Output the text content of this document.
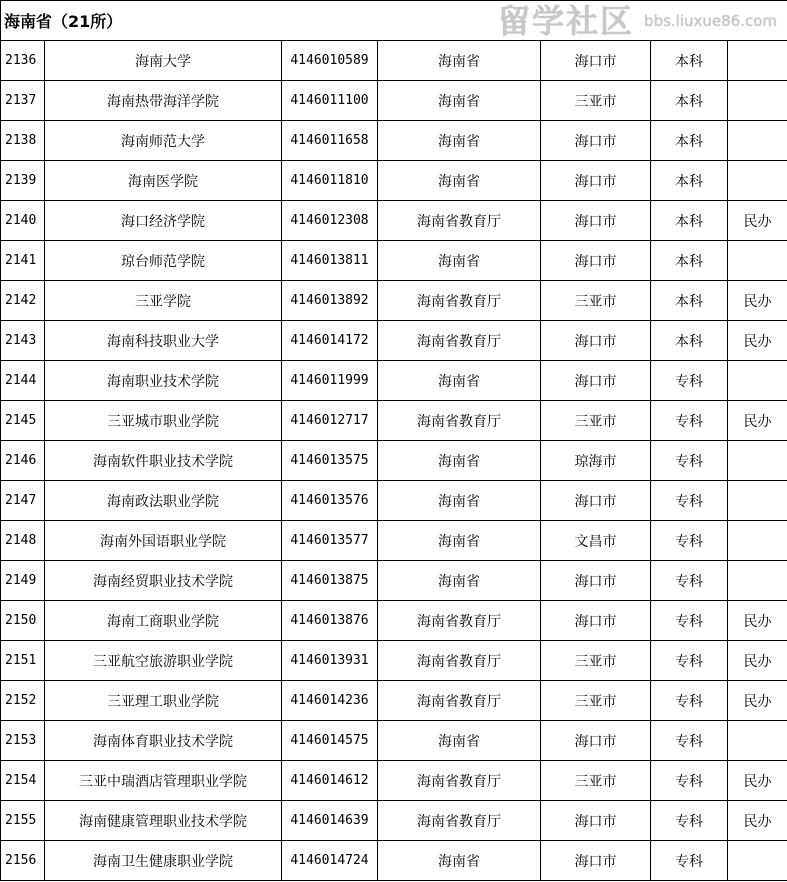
海南省（21所） 留学社区 bbs.liuxue86.com						

2136	海南大学	4146010589	海南省	海口市	本科	
2137	海南热带海洋学院	4146011100	海南省	三亚市	本科	
2138	海南师范大学	4146011658	海南省	海口市	本科	
2139	海南医学院	4146011810	海南省	海口市	本科	
2140	海口经济学院	4146012308	海南省教育厅	海口市	本科	民办
2141	琼台师范学院	4146013811	海南省	海口市	本科	
2142	三亚学院	4146013892	海南省教育厅	三亚市	本科	民办
2143	海南科技职业大学	4146014172	海南省教育厅	海口市	本科	民办
2144	海南职业技术学院	4146011999	海南省	海口市	专科	
2145	三亚城市职业学院	4146012717	海南省教育厅	三亚市	专科	民办
2146	海南软件职业技术学院	4146013575	海南省	琼海市	专科	
2147	海南政法职业学院	4146013576	海南省	海口市	专科	
2148	海南外国语职业学院	4146013577	海南省	文昌市	专科	
2149	海南经贸职业技术学院	4146013875	海南省	海口市	专科	
2150	海南工商职业学院	4146013876	海南省教育厅	海口市	专科	民办
2151	三亚航空旅游职业学院	4146013931	海南省教育厅	三亚市	专科	民办
2152	三亚理工职业学院	4146014236	海南省教育厅	三亚市	专科	民办
2153	海南体育职业技术学院	4146014575	海南省	海口市	专科	
2154	三亚中瑞酒店管理职业学院	4146014612	海南省教育厅	三亚市	专科	民办
2155	海南健康管理职业技术学院	4146014639	海南省教育厅	海口市	专科	民办
2156	海南卫生健康职业学院	4146014724	海南省	海口市	专科	
